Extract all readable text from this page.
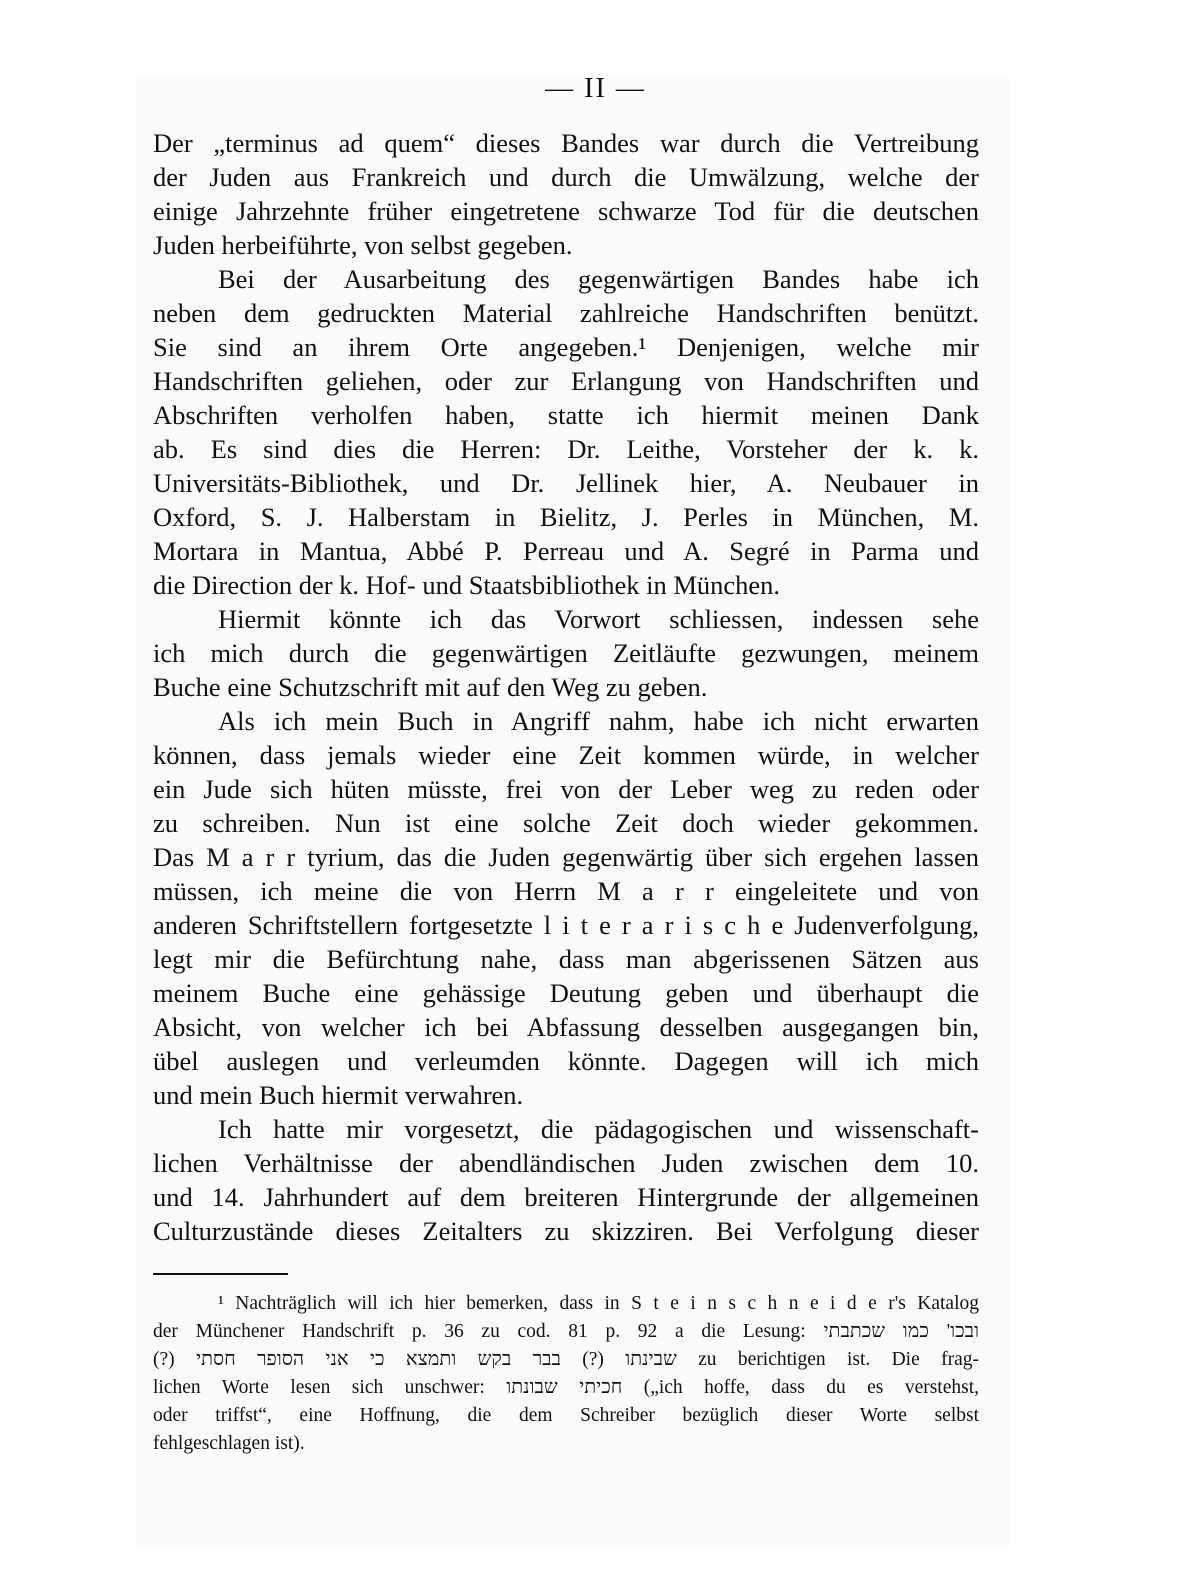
— II —
Der „terminus ad quem“ dieses Bandes war durch die Vertreibung
der Juden aus Frankreich und durch die Umwälzung, welche der
einige Jahrzehnte früher eingetretene schwarze Tod für die deutschen
Juden herbeiführte, von selbst gegeben.
Bei der Ausarbeitung des gegenwärtigen Bandes habe ich
neben dem gedruckten Material zahlreiche Handschriften benützt.
Sie sind an ihrem Orte angegeben.¹ Denjenigen, welche mir
Handschriften geliehen, oder zur Erlangung von Handschriften und
Abschriften verholfen haben, statte ich hiermit meinen Dank
ab. Es sind dies die Herren: Dr. Leithe, Vorsteher der k. k.
Universitäts-Bibliothek, und Dr. Jellinek hier, A. Neubauer in
Oxford, S. J. Halberstam in Bielitz, J. Perles in München, M.
Mortara in Mantua, Abbé P. Perreau und A. Segré in Parma und
die Direction der k. Hof- und Staatsbibliothek in München.
Hiermit könnte ich das Vorwort schliessen, indessen sehe
ich mich durch die gegenwärtigen Zeitläufte gezwungen, meinem
Buche eine Schutzschrift mit auf den Weg zu geben.
Als ich mein Buch in Angriff nahm, habe ich nicht erwarten
können, dass jemals wieder eine Zeit kommen würde, in welcher
ein Jude sich hüten müsste, frei von der Leber weg zu reden oder
zu schreiben. Nun ist eine solche Zeit doch wieder gekommen.
Das M a r r tyrium, das die Juden gegenwärtig über sich ergehen lassen
müssen, ich meine die von Herrn M a r r eingeleitete und von
anderen Schriftstellern fortgesetzte l i t e r a r i s c h e Judenverfolgung,
legt mir die Befürchtung nahe, dass man abgerissenen Sätzen aus
meinem Buche eine gehässige Deutung geben und überhaupt die
Absicht, von welcher ich bei Abfassung desselben ausgegangen bin,
übel auslegen und verleumden könnte. Dagegen will ich mich
und mein Buch hiermit verwahren.
Ich hatte mir vorgesetzt, die pädagogischen und wissenschaft-
lichen Verhältnisse der abendländischen Juden zwischen dem 10.
und 14. Jahrhundert auf dem breiteren Hintergrunde der allgemeinen
Culturzustände dieses Zeitalters zu skizziren. Bei Verfolgung dieser
¹ Nachträglich will ich hier bemerken, dass in S t e i n s c h n e i d e r's Katalog
der Münchener Handschrift p. 36 zu cod. 81 p. 92 a die Lesung: ובכו' כמו שכתבתי
(?) שבינתו (?) בבר בקש ותמצא כי אני הסופר חסתי zu berichtigen ist. Die frag-
lichen Worte lesen sich unschwer: חכיתי שבונתו („ich hoffe, dass du es verstehst,
oder triffst“, eine Hoffnung, die dem Schreiber bezüglich dieser Worte selbst
fehlgeschlagen ist).
